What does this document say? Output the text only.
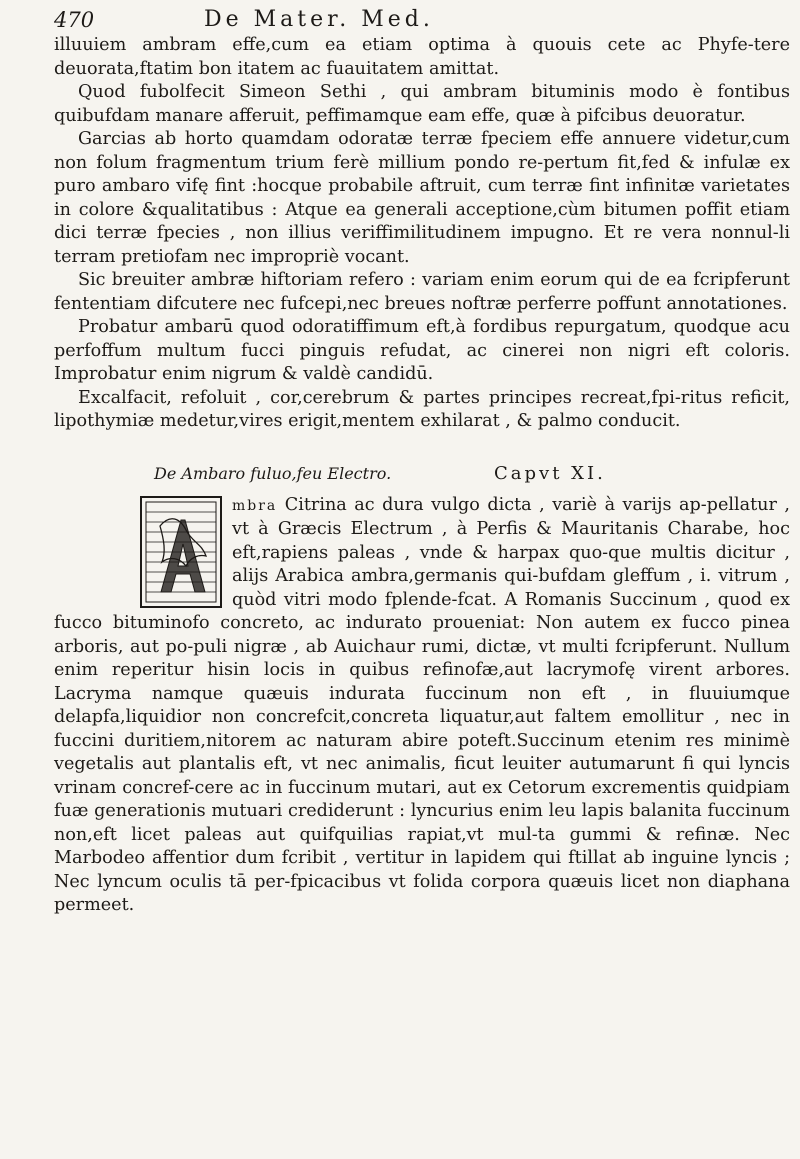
470	De Mater. Med.

illuuiem ambram effe,cum ea etiam optima à quouis cete ac Phyfe-tere deuorata,ftatim bon itatem ac fuauitatem amittat.

Quod fubolfecit Simeon Sethi , qui ambram bituminis modo è fontibus quibufdam manare afferuit, peffimamque eam effe, quæ à pifcibus deuoratur.

Garcias ab horto quamdam odoratæ terræ fpeciem effe annuere videtur,cum non folum fragmentum trium ferè millium pondo re-pertum fit,fed & infulæ ex puro ambaro vifę fint :hocque probabile aftruit, cum terræ fint infinitæ varietates in colore &qualitatibus : Atque ea generali acceptione,cùm bitumen poffit etiam dici terræ fpecies , non illius veriffimilitudinem impugno. Et re vera nonnul-li terram pretiofam nec impropriè vocant.

Sic breuiter ambræ hiftoriam refero : variam enim eorum qui de ea fcripferunt fententiam difcutere nec fufcepi,nec breues noftræ perferre poffunt annotationes.

Probatur ambarū quod odoratiffimum eft,à fordibus repurgatum, quodque acu perfoffum multum fucci pinguis refudat, ac cinerei non nigri eft coloris. Improbatur enim nigrum & valdè candidū.

Excalfacit, refoluit , cor,cerebrum & partes principes recreat,fpi-ritus reficit, lipothymiæ medetur,vires erigit,mentem exhilarat , & palmo conducit.

De Ambaro fuluo,feu Electro.	Capvt XI.
mbra Citrina ac dura vulgo dicta , variè à varijs ap-pellatur , vt à Græcis Electrum , à Perfis & Mauritanis Charabe, hoc eft,rapiens paleas , vnde & harpax quo-que multis dicitur , alijs Arabica ambra,germanis qui-bufdam gleffum , i. vitrum , quòd vitri modo fplende-fcat. A Romanis Succinum , quod ex fucco bituminofo concreto, ac indurato proueniat: Non autem ex fucco pinea arboris, aut po-puli nigræ , ab Auichaur rumi, dictæ, vt multi fcripferunt. Nullum enim reperitur hisin locis in quibus refinofæ,aut lacrymofę virent arbores. Lacryma namque quæuis indurata fuccinum non eft , in fluuiumque delapfa,liquidior non concrefcit,concreta liquatur,aut faltem emollitur , nec in fuccini duritiem,nitorem ac naturam abire poteft.Succinum etenim res minimè vegetalis aut plantalis eft, vt nec animalis, ficut leuiter autumarunt fi qui lyncis vrinam concref-cere ac in fuccinum mutari, aut ex Cetorum excrementis quidpiam fuæ generationis mutuari crediderunt : lyncurius enim leu lapis balanita fuccinum non,eft licet paleas aut quifquilias rapiat,vt mul-ta gummi & refinæ. Nec Marbodeo affentior dum fcribit , vertitur in lapidem qui ftillat ab inguine lyncis ; Nec lyncum oculis tā per-fpicacibus vt folida corpora quæuis licet non diaphana permeet.
